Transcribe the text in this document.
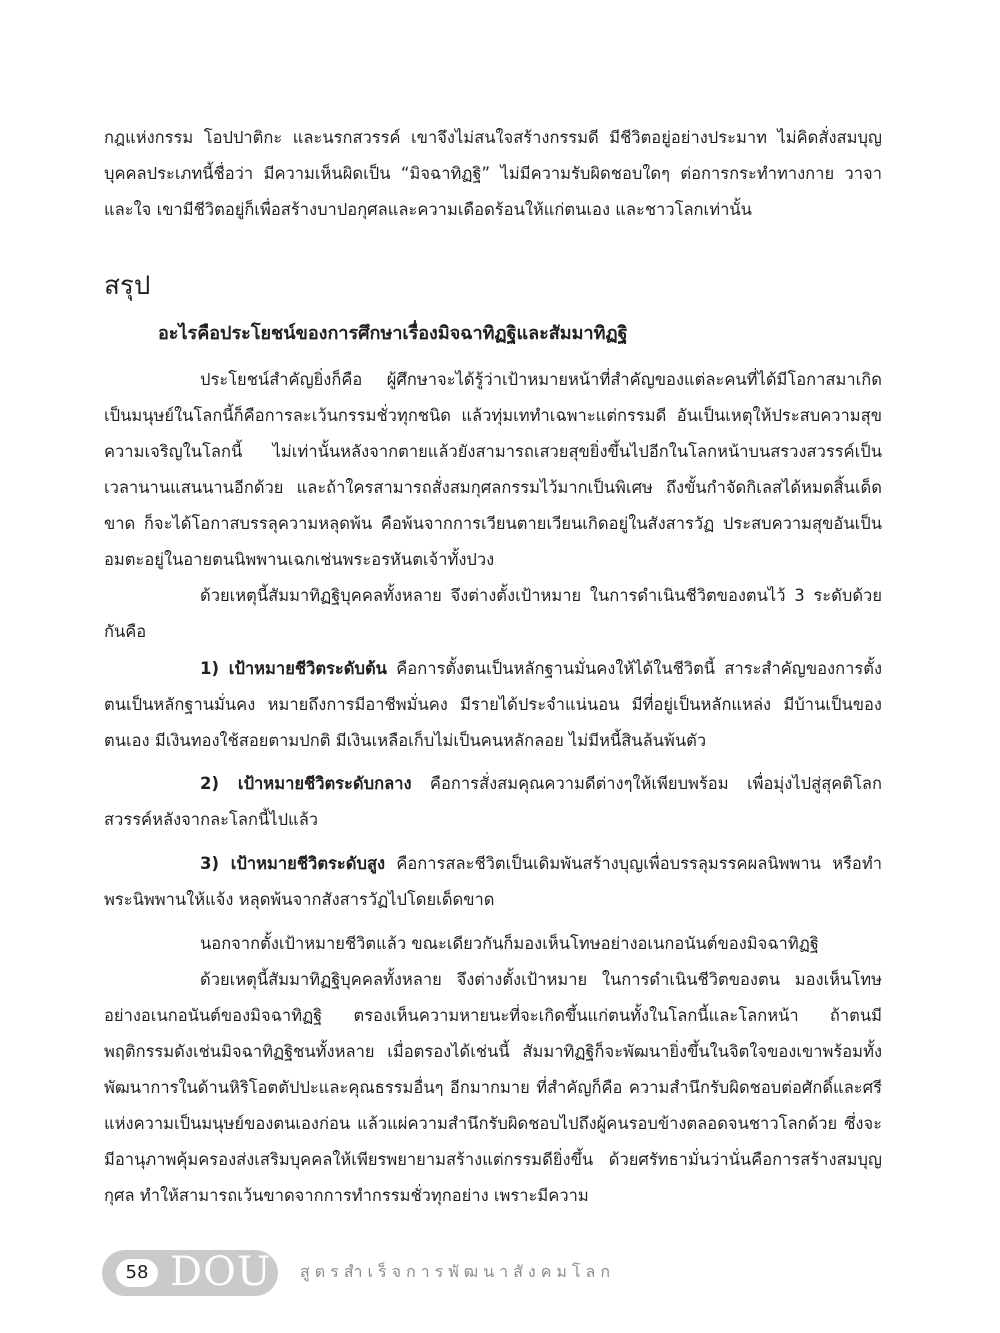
กฎแห่งกรรม โอปปาติกะ และนรกสวรรค์ เขาจึงไม่สนใจสร้างกรรมดี มีชีวิตอยู่อย่างประมาท ไม่คิดสั่งสมบุญ บุคคลประเภทนี้ชื่อว่า มีความเห็นผิดเป็น “มิจฉาทิฏฐิ” ไม่มีความรับผิดชอบใดๆ ต่อการกระทำทางกาย วาจา และใจ เขามีชีวิตอยู่ก็เพื่อสร้างบาปอกุศลและความเดือดร้อนให้แก่ตนเอง และชาวโลกเท่านั้น

สรุป
อะไรคือประโยชน์ของการศึกษาเรื่องมิจฉาทิฏฐิและสัมมาทิฏฐิ

ประโยชน์สำคัญยิ่งก็คือ ผู้ศึกษาจะได้รู้ว่าเป้าหมายหน้าที่สำคัญของแต่ละคนที่ได้มีโอกาสมาเกิดเป็นมนุษย์ในโลกนี้ก็คือการละเว้นกรรมชั่วทุกชนิด แล้วทุ่มเททำเฉพาะแต่กรรมดี อันเป็นเหตุให้ประสบความสุขความเจริญในโลกนี้ ไม่เท่านั้นหลังจากตายแล้วยังสามารถเสวยสุขยิ่งขึ้นไปอีกในโลกหน้าบนสรวงสวรรค์เป็นเวลานานแสนนานอีกด้วย และถ้าใครสามารถสั่งสมกุศลกรรมไว้มากเป็นพิเศษ ถึงขั้นกำจัดกิเลสได้หมดสิ้นเด็ดขาด ก็จะได้โอกาสบรรลุความหลุดพ้น คือพ้นจากการเวียนตายเวียนเกิดอยู่ในสังสารวัฏ ประสบความสุขอันเป็นอมตะอยู่ในอายตนนิพพานเฉกเช่นพระอรหันตเจ้าทั้งปวง

ด้วยเหตุนี้สัมมาทิฏฐิบุคคลทั้งหลาย จึงต่างตั้งเป้าหมาย ในการดำเนินชีวิตของตนไว้ 3 ระดับด้วยกันคือ

1) เป้าหมายชีวิตระดับต้น คือการตั้งตนเป็นหลักฐานมั่นคงให้ได้ในชีวิตนี้ สาระสำคัญของการตั้งตนเป็นหลักฐานมั่นคง หมายถึงการมีอาชีพมั่นคง มีรายได้ประจำแน่นอน มีที่อยู่เป็นหลักแหล่ง มีบ้านเป็นของตนเอง มีเงินทองใช้สอยตามปกติ มีเงินเหลือเก็บไม่เป็นคนหลักลอย ไม่มีหนี้สินล้นพ้นตัว

2) เป้าหมายชีวิตระดับกลาง คือการสั่งสมคุณความดีต่างๆให้เพียบพร้อม เพื่อมุ่งไปสู่สุคติโลกสวรรค์หลังจากละโลกนี้ไปแล้ว

3) เป้าหมายชีวิตระดับสูง คือการสละชีวิตเป็นเดิมพันสร้างบุญเพื่อบรรลุมรรคผลนิพพาน หรือทำพระนิพพานให้แจ้ง หลุดพ้นจากสังสารวัฏไปโดยเด็ดขาด

นอกจากตั้งเป้าหมายชีวิตแล้ว ขณะเดียวกันก็มองเห็นโทษอย่างอเนกอนันต์ของมิจฉาทิฏฐิ

ด้วยเหตุนี้สัมมาทิฏฐิบุคคลทั้งหลาย จึงต่างตั้งเป้าหมาย ในการดำเนินชีวิตของตน มองเห็นโทษอย่างอเนกอนันต์ของมิจฉาทิฏฐิ ตรองเห็นความหายนะที่จะเกิดขึ้นแก่ตนทั้งในโลกนี้และโลกหน้า ถ้าตนมีพฤติกรรมดังเช่นมิจฉาทิฏฐิชนทั้งหลาย เมื่อตรองได้เช่นนี้ สัมมาทิฏฐิก็จะพัฒนายิ่งขึ้นในจิตใจของเขาพร้อมทั้งพัฒนาการในด้านหิริโอตตัปปะและคุณธรรมอื่นๆ อีกมากมาย ที่สำคัญก็คือ ความสำนึกรับผิดชอบต่อศักดิ์และศรีแห่งความเป็นมนุษย์ของตนเองก่อน แล้วแผ่ความสำนึกรับผิดชอบไปถึงผู้คนรอบข้างตลอดจนชาวโลกด้วย ซึ่งจะมีอานุภาพคุ้มครองส่งเสริมบุคคลให้เพียรพยายามสร้างแต่กรรมดียิ่งขึ้น ด้วยศรัทธามั่นว่านั่นคือการสร้างสมบุญกุศล ทำให้สามารถเว้นขาดจากการทำกรรมชั่วทุกอย่าง เพราะมีความ

58 DOU สูตรสำเร็จการพัฒนาสังคมโลก
